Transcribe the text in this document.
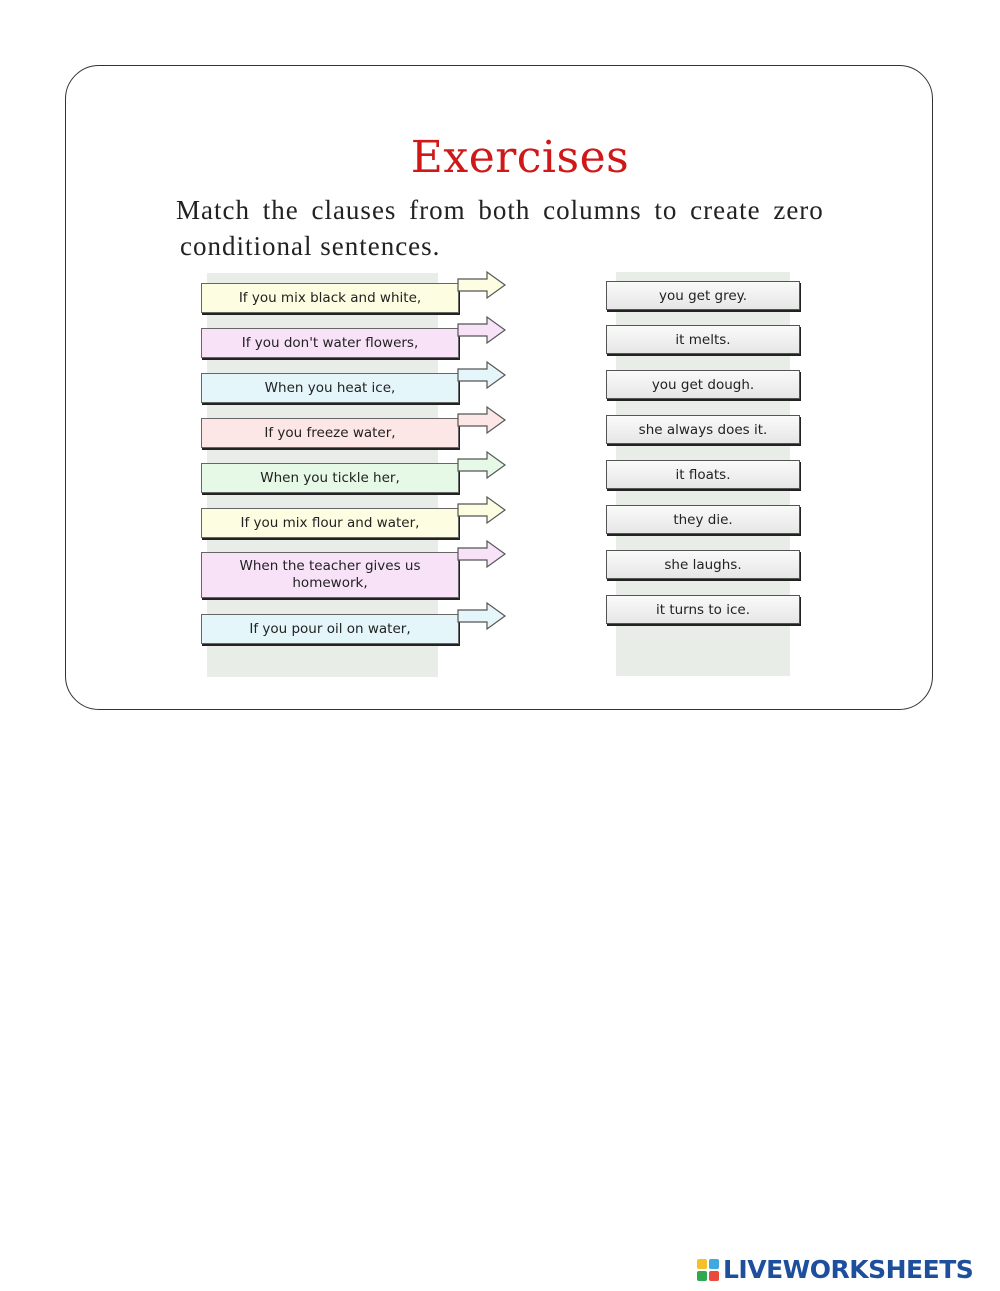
Exercises
Match the clauses from both columns to create zero
conditional sentences.
If you mix black and white,
If you don't water flowers,
When you heat ice,
If you freeze water,
When you tickle her,
If you mix flour and water,
When the teacher gives us homework,
If you pour oil on water,
you get grey.
it melts.
you get dough.
she always does it.
it floats.
they die.
she laughs.
it turns to ice.
LIVEWORKSHEETS
